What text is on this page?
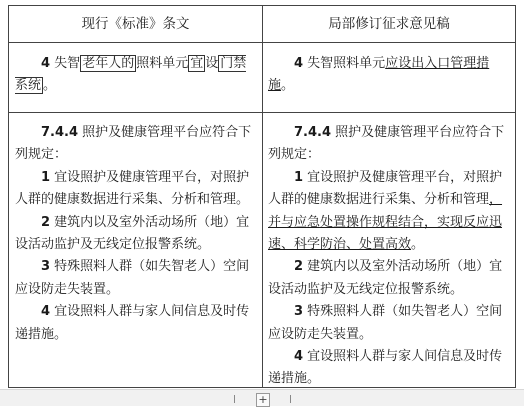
现行《标准》条文	局部修订征求意见稿
4 失智 老年人的 照料单元 宜 设 门禁系统 。
4 失智照料单元应设出入口管理措施。
7.4.4 照护及健康管理平台应符合下列规定：
1 宜设照护及健康管理平台，对照护人群的健康数据进行采集、分析和管理。
2 建筑内以及室外活动场所（地）宜设活动监护及无线定位报警系统。
3 特殊照料人群（如失智老人）空间应设防走失装置。
4 宜设照料人群与家人间信息及时传递措施。
7.4.4 照护及健康管理平台应符合下列规定：
1 宜设照护及健康管理平台，对照护人群的健康数据进行采集、分析和管理，并与应急处置操作规程结合，实现反应迅速、科学防治、处置高效。
2 建筑内以及室外活动场所（地）宜设活动监护及无线定位报警系统。
3 特殊照料人群（如失智老人）空间应设防走失装置。
4 宜设照料人群与家人间信息及时传递措施。
+
